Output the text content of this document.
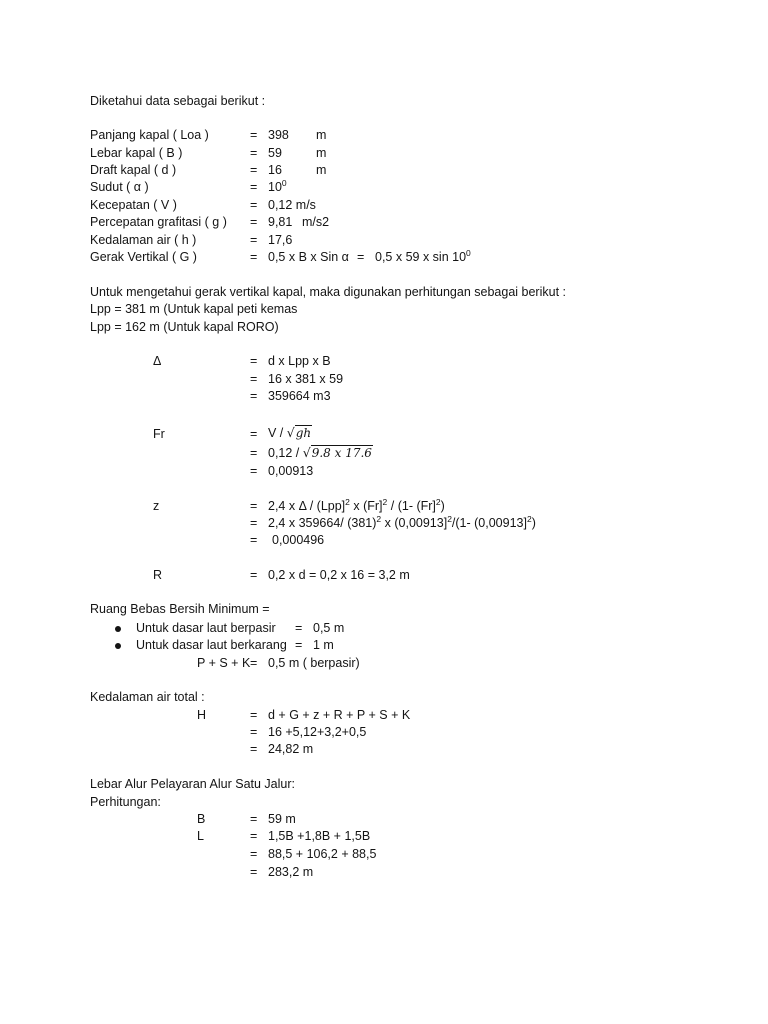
Diketahui data sebagai berikut :
Panjang kapal ( Loa )	= 398 m
Lebar kapal ( B )	= 59	m
Draft kapal ( d )	= 16	m
Sudut ( α )	= $10^0$
Kecepatan ( V )	= 0,12 m/s
Percepatan grafitasi ( g ) = 9,81 m/s2
Kedalaman air ( h )	= 17,6
Gerak Vertikal ( G )	= 0,5 x B x Sin α = 0,5 x 59 x $\sin 10^0$
Untuk mengetahui gerak vertikal kapal, maka digunakan perhitungan sebagai berikut :
Lpp = 381 m (Untuk kapal peti kemas
Lpp = 162 m (Untuk kapal RORO)
Δ	= d x Lpp x B
= 16 x 381 x 59
= 359664 m3
Fr	= V / √gh
= 0,12 / √9.8 x 17.6
= 0,00913
z	= 2,4 x Δ / (Lpp]$^2$ x (Fr]$^2$ / (1- (Fr]$^2$)
= 2,4 x 359664/ $(381)^2$ x (0,00913]$^2$/(1- (0,00913]$^2$)
= 0,000496
R	= 0,2 x d = 0,2 x 16 = 3,2 m
Ruang Bebas Bersih Minimum =
Untuk dasar laut berpasir = 0,5 m
Untuk dasar laut berkarang = 1 m
P + S + K = 0,5 m ( berpasir)
Kedalaman air total :
H	= d + G + z + R + P + S + K
= 16 +5,12+3,2+0,5
= 24,82 m
Lebar Alur Pelayaran Alur Satu Jalur:
Perhitungan:
B	= 59 m
L	= 1,5B +1,8B + 1,5B
= 88,5 + 106,2 + 88,5
= 283,2 m
